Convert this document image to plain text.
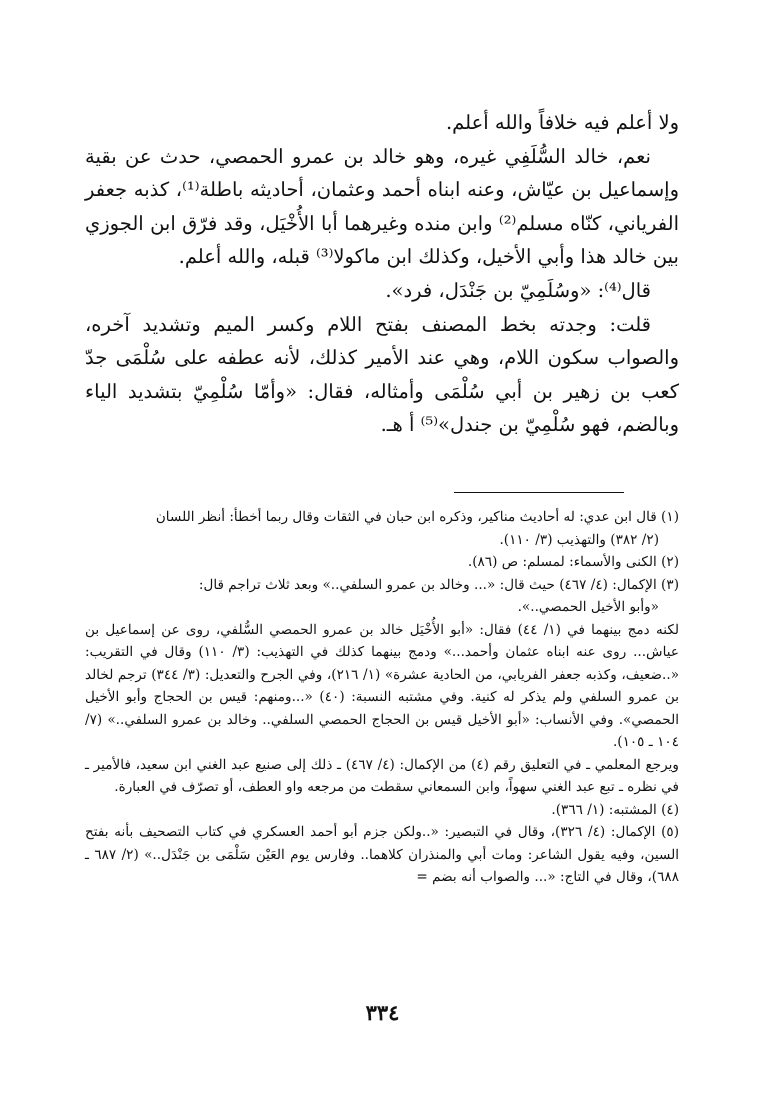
ولا أعلم فيه خلافاً والله أعلم.

نعم، خالد السُّلَفِي غيره، وهو خالد بن عمرو الحمصي، حدث عن بقية وإسماعيل بن عيّاش، وعنه ابناه أحمد وعثمان، أحاديثه باطلة⁽¹⁾، كذبه جعفر الفرياني، كنّاه مسلم⁽²⁾ وابن منده وغيرهما أبا الأُخْيَل، وقد فرّق ابن الجوزي بين خالد هذا وأبي الأخيل، وكذلك ابن ماكولا⁽³⁾ قبله، والله أعلم.

قال⁽⁴⁾: «وسُلَمِيّ بن جَنْدَل، فرد».

قلت: وجدته بخط المصنف بفتح اللام وكسر الميم وتشديد آخره، والصواب سكون اللام، وهي عند الأمير كذلك، لأنه عطفه على سُلْمَى جدّ كعب بن زهير بن أبي سُلْمَى وأمثاله، فقال: «وأمّا سُلْمِيّ بتشديد الياء وبالضم، فهو سُلْمِيّ بن جندل»⁽⁵⁾ أ هـ.

(١) قال ابن عدي: له أحاديث مناكير، وذكره ابن حبان في الثقات وقال ربما أخطأ: أنظر اللسان

(٢/ ٣٨٢) والتهذيب (٣/ ١١٠).

(٢) الكنى والأسماء: لمسلم: ص (٨٦).

(٣) الإكمال: (٤/ ٤٦٧) حيث قال: «... وخالد بن عمرو السلفي..» وبعد ثلاث تراجم قال:

«وأبو الأخيل الحمصي..».

لكنه دمج بينهما في (١/ ٤٤) فقال: «أبو الأُخْيَل خالد بن عمرو الحمصي السُّلفي، روى عن إسماعيل بن عياش... روى عنه ابناه عثمان وأحمد...» ودمج بينهما كذلك في التهذيب: (٣/ ١١٠) وقال في التقريب: «..ضعيف، وكذبه جعفر الفريابي، من الحادية عشرة» (١/ ٢١٦)، وفي الجرح والتعديل: (٣/ ٣٤٤) ترجم لخالد بن عمرو السلفي ولم يذكر له كنية. وفي مشتبه النسبة: (٤٠) «...ومنهم: قيس بن الحجاج وأبو الأخيل الحمصي». وفي الأنساب: «أبو الأخيل قيس بن الحجاج الحمصي السلفي.. وخالد بن عمرو السلفي..» (٧/ ١٠٤ ـ ١٠٥).

ويرجع المعلمي ـ في التعليق رقم (٤) من الإكمال: (٤/ ٤٦٧) ـ ذلك إلى صنيع عبد الغني ابن سعيد، فالأمير ـ في نظره ـ تبع عبد الغني سهواً، وابن السمعاني سقطت من مرجعه واو العطف، أو تصرّف في العبارة.

(٤) المشتبه: (١/ ٣٦٦).

(٥) الإكمال: (٤/ ٣٢٦)، وقال في التبصير: «..ولكن جزم أبو أحمد العسكري في كتاب التصحيف بأنه بفتح السين، وفيه يقول الشاعر: ومات أبي والمنذران كلاهما.. وفارس يوم العَيْن سَلْمَى بن جَنْدَل..» (٢/ ٦٨٧ ـ ٦٨٨)، وقال في التاج: «... والصواب أنه بضم =

٣٣٤
